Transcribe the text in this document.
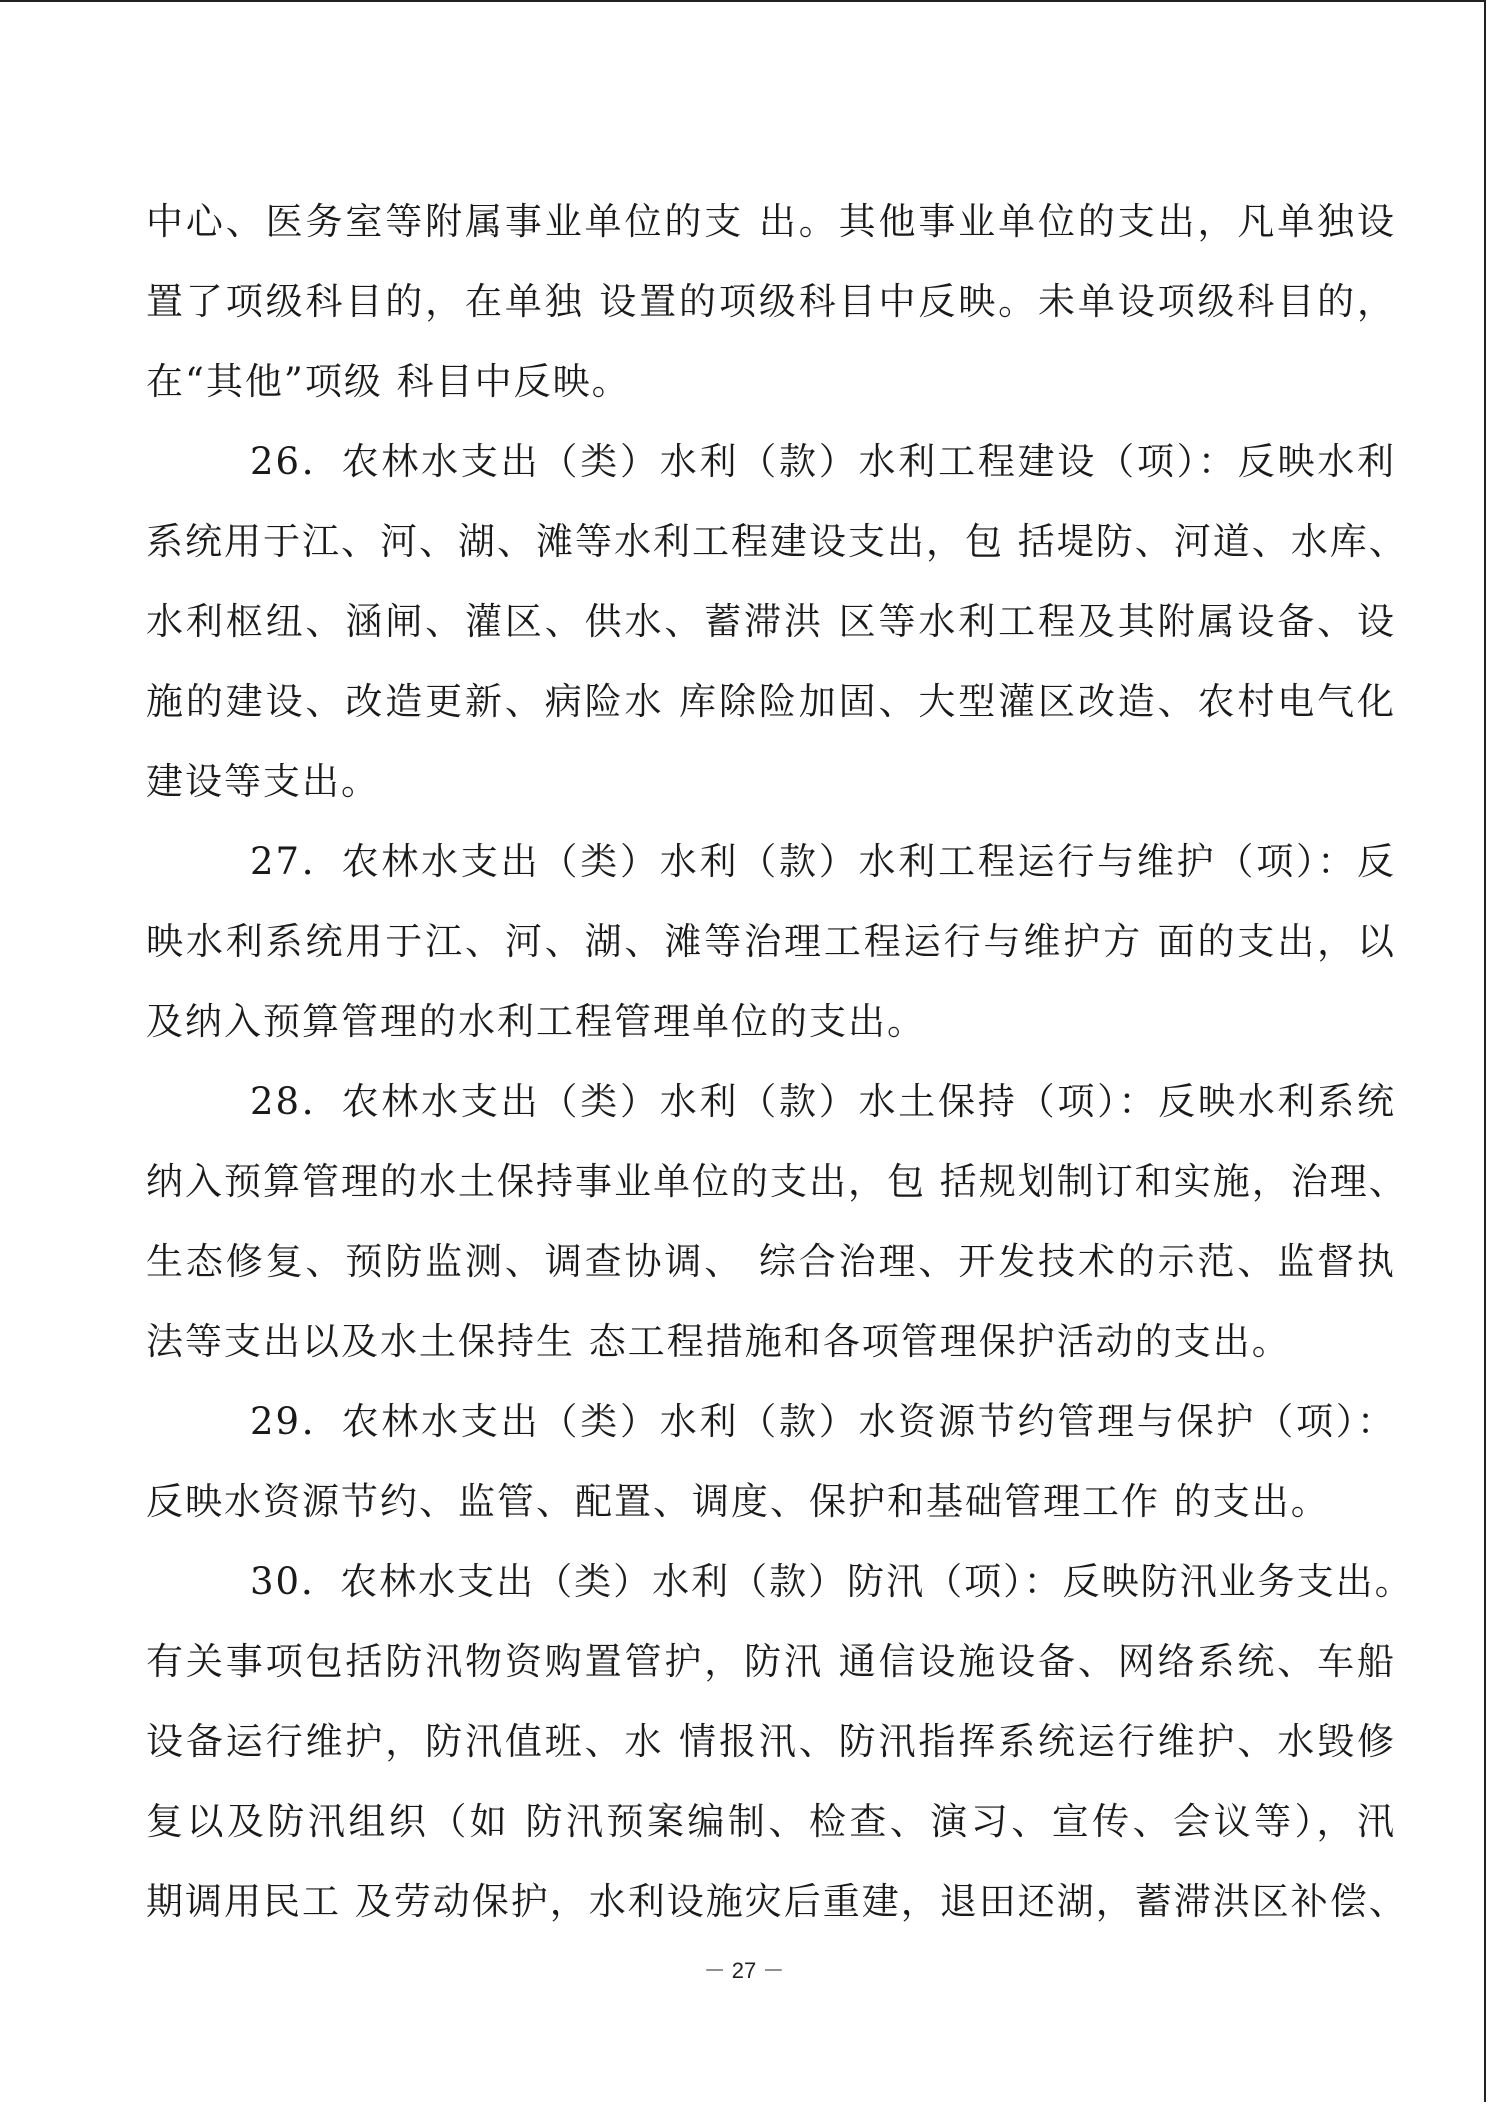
中心、医务室等附属事业单位的支 出。其他事业单位的支出，凡单独设
置了项级科目的，在单独 设置的项级科目中反映。未单设项级科目的，
在“其他”项级 科目中反映。
26．农林水支出（类）水利（款）水利工程建设（项）：反映水利
系统用于江、河、湖、滩等水利工程建设支出，包 括堤防、河道、水库、
水利枢纽、涵闸、灌区、供水、蓄滞洪 区等水利工程及其附属设备、设
施的建设、改造更新、病险水 库除险加固、大型灌区改造、农村电气化
建设等支出。
27．农林水支出（类）水利（款）水利工程运行与维护（项）：反
映水利系统用于江、河、湖、滩等治理工程运行与维护方 面的支出，以
及纳入预算管理的水利工程管理单位的支出。
28．农林水支出（类）水利（款）水土保持（项）：反映水利系统
纳入预算管理的水土保持事业单位的支出，包 括规划制订和实施，治理、
生态修复、预防监测、调查协调、 综合治理、开发技术的示范、监督执
法等支出以及水土保持生 态工程措施和各项管理保护活动的支出。
29．农林水支出（类）水利（款）水资源节约管理与保护（项）：
反映水资源节约、监管、配置、调度、保护和基础管理工作 的支出。
30．农林水支出（类）水利（款）防汛（项）：反映防汛业务支出。
有关事项包括防汛物资购置管护，防汛 通信设施设备、网络系统、车船
设备运行维护，防汛值班、水 情报汛、防汛指挥系统运行维护、水毁修
复以及防汛组织（如 防汛预案编制、检查、演习、宣传、会议等），汛
期调用民工 及劳动保护，水利设施灾后重建，退田还湖，蓄滞洪区补偿、
－ 27 －
